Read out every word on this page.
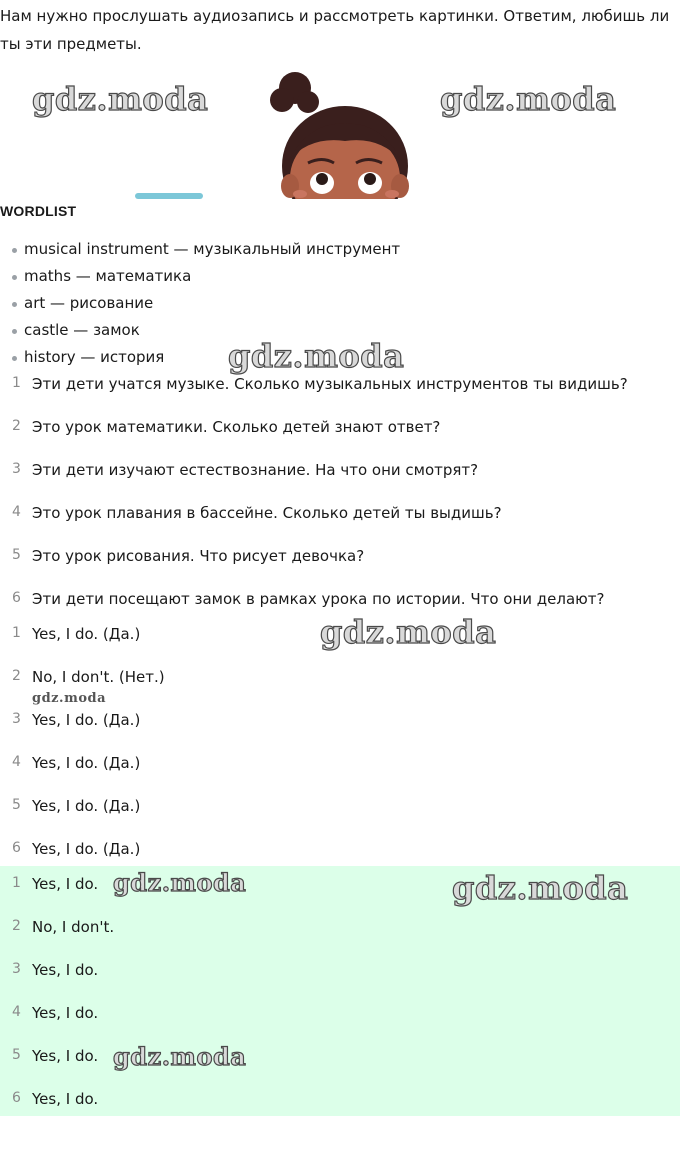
Нам нужно прослушать аудиозапись и рассмотреть картинки. Ответим, любишь ли ты эти предметы.
gdz.moda	gdz.moda
WORDLIST
musical instrument — музыкальный инструмент
maths — математика
art — рисование
castle — замок
history — история	gdz.moda
1 Эти дети учатся музыке. Сколько музыкальных инструментов ты видишь?
2 Это урок математики. Сколько детей знают ответ?
3 Эти дети изучают естествознание. На что они смотрят?
4 Это урок плавания в бассейне. Сколько детей ты выдишь?
5 Это урок рисования. Что рисует девочка?
6 Эти дети посещают замок в рамках урока по истории. Что они делают?
gdz.moda
1 Yes, I do. (Да.)
2 No, I don't. (Нет.)
3 Yes, I do. (Да.)
4 Yes, I do. (Да.)
5 Yes, I do. (Да.)
6 Yes, I do. (Да.)
gdz.moda
1 Yes, I do.
2 No, I don't.
3 Yes, I do.
4 Yes, I do.
5 Yes, I do.
6 Yes, I do.
gdz.moda	gdz.moda
gdz.moda
